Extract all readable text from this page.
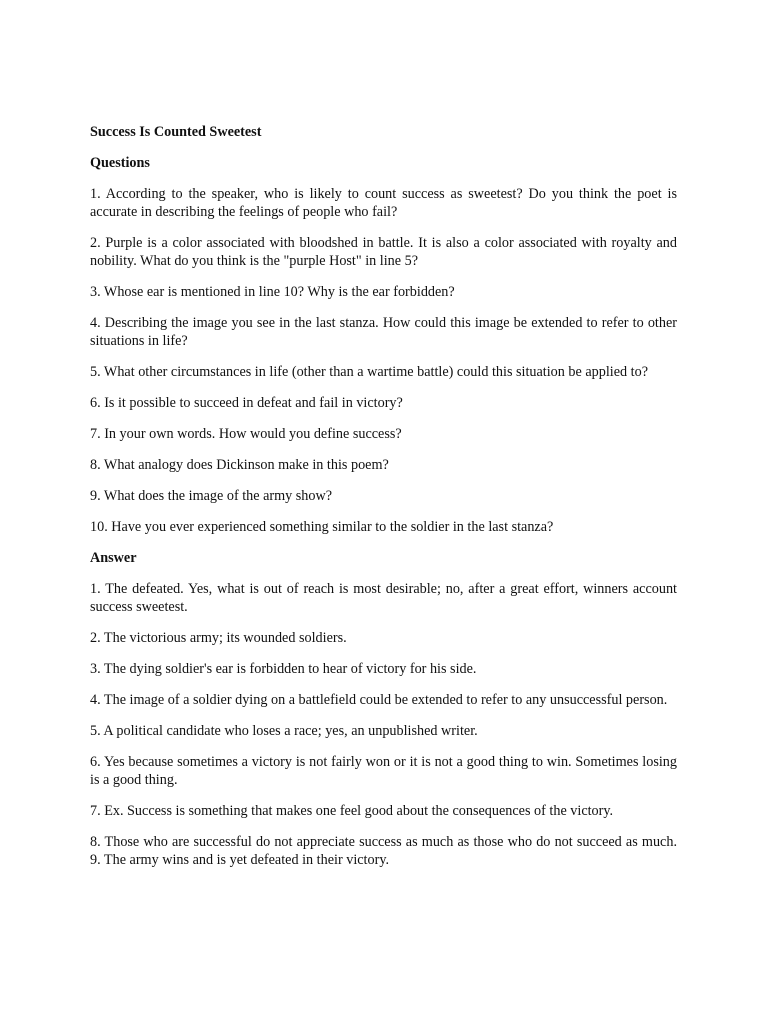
Success Is Counted Sweetest
Questions
1. According to the speaker, who is likely to count success as sweetest? Do you think the poet is accurate in describing the feelings of people who fail?
2. Purple is a color associated with bloodshed in battle. It is also a color associated with royalty and nobility. What do you think is the "purple Host" in line 5?
3. Whose ear is mentioned in line 10? Why is the ear forbidden?
4. Describing the image you see in the last stanza. How could this image be extended to refer to other situations in life?
5. What other circumstances in life (other than a wartime battle) could this situation be applied to?
6. Is it possible to succeed in defeat and fail in victory?
7. In your own words. How would you define success?
8. What analogy does Dickinson make in this poem?
9. What does the image of the army show?
10. Have you ever experienced something similar to the soldier in the last stanza?
Answer
1. The defeated. Yes, what is out of reach is most desirable; no, after a great effort, winners account success sweetest.
2. The victorious army; its wounded soldiers.
3. The dying soldier's ear is forbidden to hear of victory for his side.
4. The image of a soldier dying on a battlefield could be extended to refer to any unsuccessful person.
5. A political candidate who loses a race; yes, an unpublished writer.
6. Yes because sometimes a victory is not fairly won or it is not a good thing to win. Sometimes losing is a good thing.
7. Ex. Success is something that makes one feel good about the consequences of the victory.
8. Those who are successful do not appreciate success as much as those who do not succeed as much. 9. The army wins and is yet defeated in their victory.
